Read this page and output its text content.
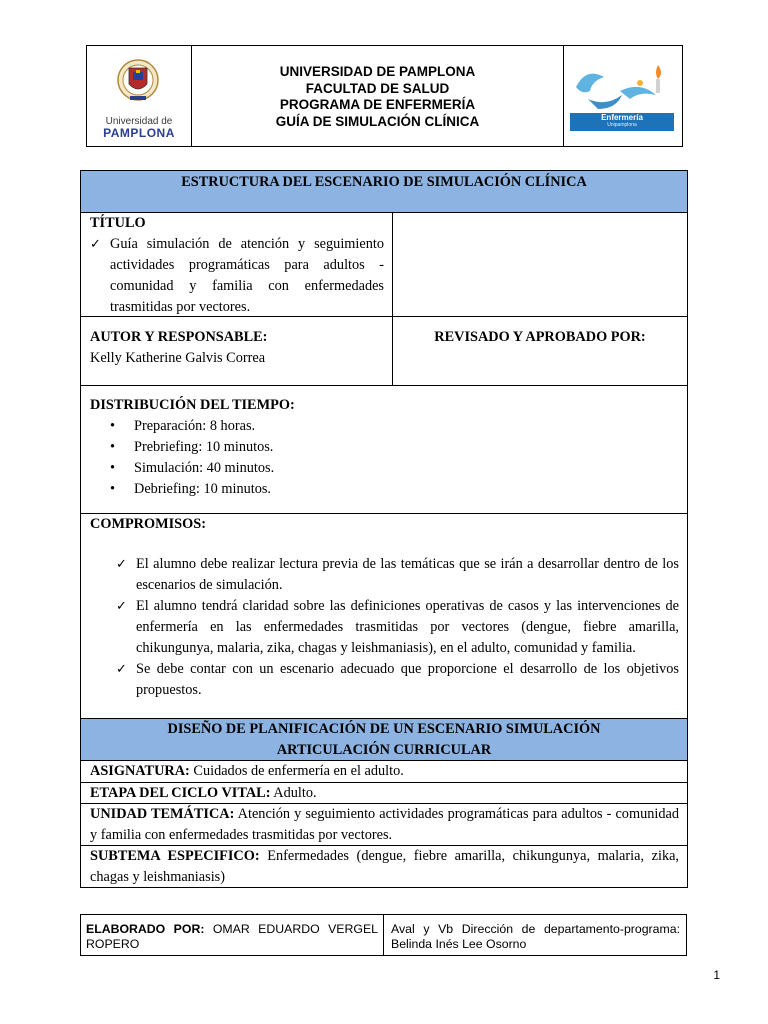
Universidad de
PAMPLONA
UNIVERSIDAD DE PAMPLONA
FACULTAD DE SALUD
PROGRAMA DE ENFERMERÍA
GUÍA DE SIMULACIÓN CLÍNICA	Enfermería
Unipamplona
ESTRUCTURA DEL ESCENARIO DE SIMULACIÓN CLÍNICA
TÍTULO
✓ Guía simulación de atención y seguimiento actividades programáticas para adultos - comunidad y familia con enfermedades trasmitidas por vectores.
AUTOR Y RESPONSABLE:
Kelly Katherine Galvis Correa
REVISADO Y APROBADO POR:
DISTRIBUCIÓN DEL TIEMPO:
• Preparación: 8 horas.
• Prebriefing: 10 minutos.
• Simulación: 40 minutos.
• Debriefing: 10 minutos.
COMPROMISOS:
✓ El alumno debe realizar lectura previa de las temáticas que se irán a desarrollar dentro de los escenarios de simulación.
✓ El alumno tendrá claridad sobre las definiciones operativas de casos y las intervenciones de enfermería en las enfermedades trasmitidas por vectores (dengue, fiebre amarilla, chikungunya, malaria, zika, chagas y leishmaniasis), en el adulto, comunidad y familia.
✓ Se debe contar con un escenario adecuado que proporcione el desarrollo de los objetivos propuestos.
DISEÑO DE PLANIFICACIÓN DE UN ESCENARIO SIMULACIÓN
ARTICULACIÓN CURRICULAR
ASIGNATURA: Cuidados de enfermería en el adulto.
ETAPA DEL CICLO VITAL: Adulto.
UNIDAD TEMÁTICA: Atención y seguimiento actividades programáticas para adultos - comunidad y familia con enfermedades trasmitidas por vectores.
SUBTEMA ESPECIFICO: Enfermedades (dengue, fiebre amarilla, chikungunya, malaria, zika, chagas y leishmaniasis)
ELABORADO POR: OMAR EDUARDO VERGEL ROPERO
Aval y Vb Dirección de departamento-programa: Belinda Inés Lee Osorno
1
